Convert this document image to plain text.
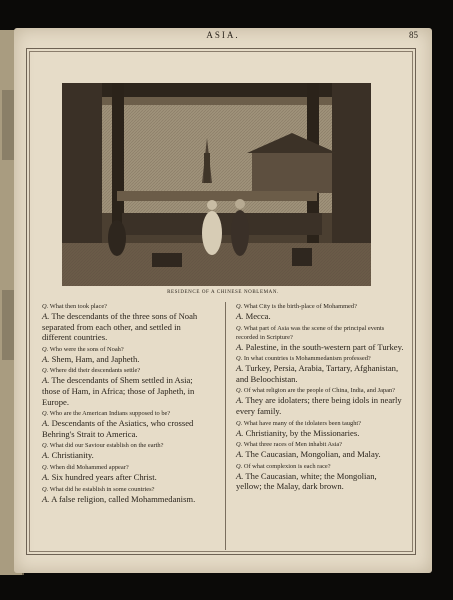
ASIA.	85
RESIDENCE OF A CHINESE NOBLEMAN.

Q. What then took place?

A. The descendants of the three sons of Noah separated from each other, and settled in different countries.

Q. Who were the sons of Noah?

A. Shem, Ham, and Japheth.

Q. Where did their descendants settle?

A. The descendants of Shem settled in Asia; those of Ham, in Africa; those of Japheth, in Europe.

Q. Who are the American Indians supposed to be?

A. Descendants of the Asiatics, who crossed Behring's Strait to America.

Q. What did our Saviour establish on the earth?

A. Christianity.

Q. When did Mohammed appear?

A. Six hundred years after Christ.

Q. What did he establish in some countries?

A. A false religion, called Mohammedanism.

Q. What City is the birth-place of Mohammed?

A. Mecca.

Q. What part of Asia was the scene of the principal events recorded in Scripture?

A. Palestine, in the south-western part of Turkey.

Q. In what countries is Mohammedanism professed?

A. Turkey, Persia, Arabia, Tartary, Afghanistan, and Beloochistan.

Q. Of what religion are the people of China, India, and Japan?

A. They are idolaters; there being idols in nearly every family.

Q. What have many of the idolaters been taught?

A. Christianity, by the Missionaries.

Q. What three races of Men inhabit Asia?

A. The Caucasian, Mongolian, and Malay.

Q. Of what complexion is each race?

A. The Caucasian, white; the Mongolian, yellow; the Malay, dark brown.
